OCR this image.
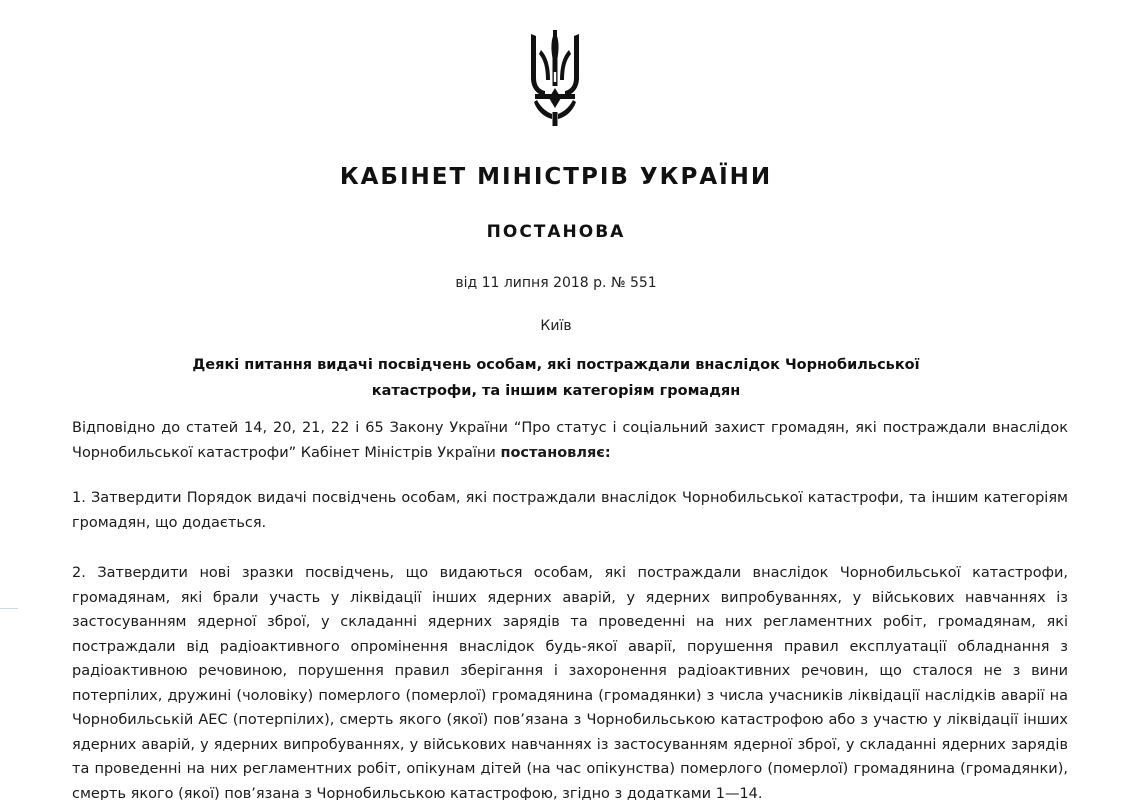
КАБІНЕТ МІНІСТРІВ УКРАЇНИ
ПОСТАНОВА
від 11 липня 2018 р. № 551
Київ
Деякі питання видачі посвідчень особам, які постраждали внаслідок Чорнобильської катастрофи, та іншим категоріям громадян
Відповідно до статей 14, 20, 21, 22 і 65 Закону України “Про статус і соціальний захист громадян, які постраждали внаслідок Чорнобильської катастрофи” Кабінет Міністрів України постановляє:
1. Затвердити Порядок видачі посвідчень особам, які постраждали внаслідок Чорнобильської катастрофи, та іншим категоріям громадян, що додається.
2. Затвердити нові зразки посвідчень, що видаються особам, які постраждали внаслідок Чорнобильської катастрофи, громадянам, які брали участь у ліквідації інших ядерних аварій, у ядерних випробуваннях, у військових навчаннях із застосуванням ядерної зброї, у складанні ядерних зарядів та проведенні на них регламентних робіт, громадянам, які постраждали від радіоактивного опромінення внаслідок будь-якої аварії, порушення правил експлуатації обладнання з радіоактивною речовиною, порушення правил зберігання і захоронення радіоактивних речовин, що сталося не з вини потерпілих, дружині (чоловіку) померлого (померлої) громадянина (громадянки) з числа учасників ліквідації наслідків аварії на Чорнобильській АЕС (потерпілих), смерть якого (якої) пов’язана з Чорнобильською катастрофою або з участю у ліквідації інших ядерних аварій, у ядерних випробуваннях, у військових навчаннях із застосуванням ядерної зброї, у складанні ядерних зарядів та проведенні на них регламентних робіт, опікунам дітей (на час опікунства) померлого (померлої) громадянина (громадянки), смерть якого (якої) пов’язана з Чорнобильською катастрофою, згідно з додатками 1—14.
